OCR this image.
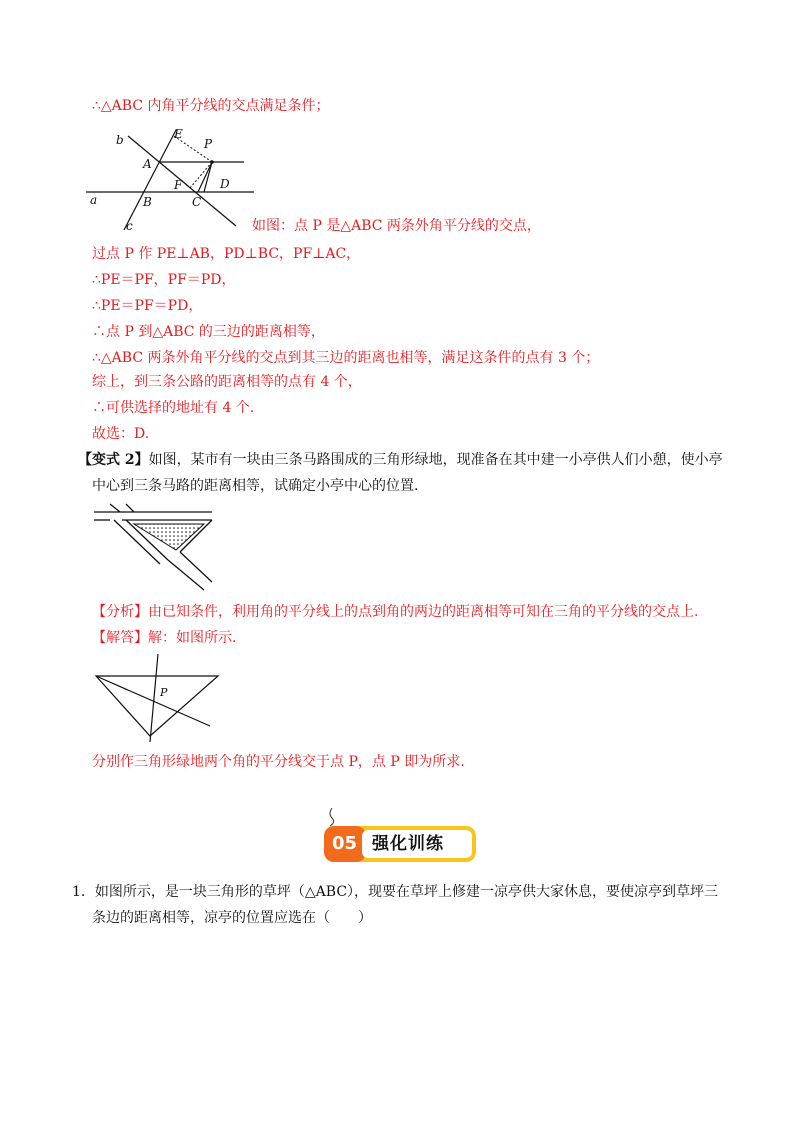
∴△ABC 内角平分线的交点满足条件；
b	E
P
A
F	D
a	B	C
c	如图：点 P 是△ABC 两条外角平分线的交点，
过点 P 作 PE⊥AB，PD⊥BC，PF⊥AC，
∴PE＝PF，PF＝PD，
∴PE＝PF＝PD，
∴点 P 到△ABC 的三边的距离相等，
∴△ABC 两条外角平分线的交点到其三边的距离也相等，满足这条件的点有 3 个；
综上，到三条公路的距离相等的点有 4 个，
∴可供选择的地址有 4 个.
故选：D.
【变式 2】如图，某市有一块由三条马路围成的三角形绿地，现准备在其中建一小亭供人们小憩，使小亭
中心到三条马路的距离相等，试确定小亭中心的位置.
【分析】由已知条件，利用角的平分线上的点到角的两边的距离相等可知在三角的平分线的交点上.
【解答】解：如图所示.
P
分别作三角形绿地两个角的平分线交于点 P，点 P 即为所求.
05 强化训练
1．如图所示，是一块三角形的草坪（△ABC），现要在草坪上修建一凉亭供大家休息，要使凉亭到草坪三
条边的距离相等，凉亭的位置应选在（　　）
